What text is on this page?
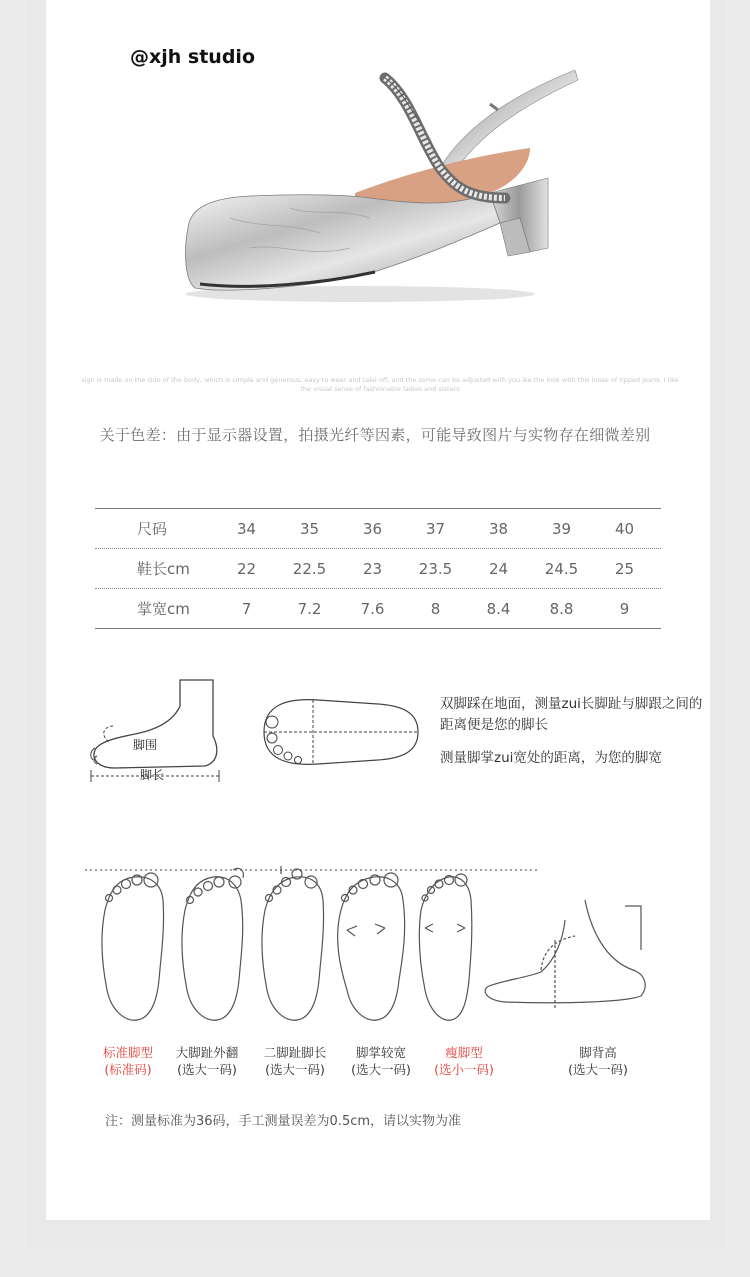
@xjh studio
sign is made on the side of the body, which is simple and generous, easy to wear and take off, and the some can be adjusted with you.ike the look with this loose of ripped jeans. I like the visual sense of fashionable ladies and sisters
关于色差：由于显示器设置，拍摄光纤等因素，可能导致图片与实物存在细微差别
尺码	34	35	36	37	38	39	40
鞋长cm	22	22.5	23	23.5	24	24.5	25
掌宽cm	7	7.2	7.6	8	8.4	8.8	9
脚围
脚长

双脚踩在地面，测量zui长脚趾与脚跟之间的距离便是您的脚长

测量脚掌zui宽处的距离，为您的脚宽

标准脚型
(标准码)
大脚趾外翻
(选大一码)
二脚趾脚长
(选大一码)
脚掌较宽
(选大一码)
瘦脚型
(选小一码)
脚背高
(选大一码)
注：测量标准为36码，手工测量误差为0.5cm，请以实物为准
